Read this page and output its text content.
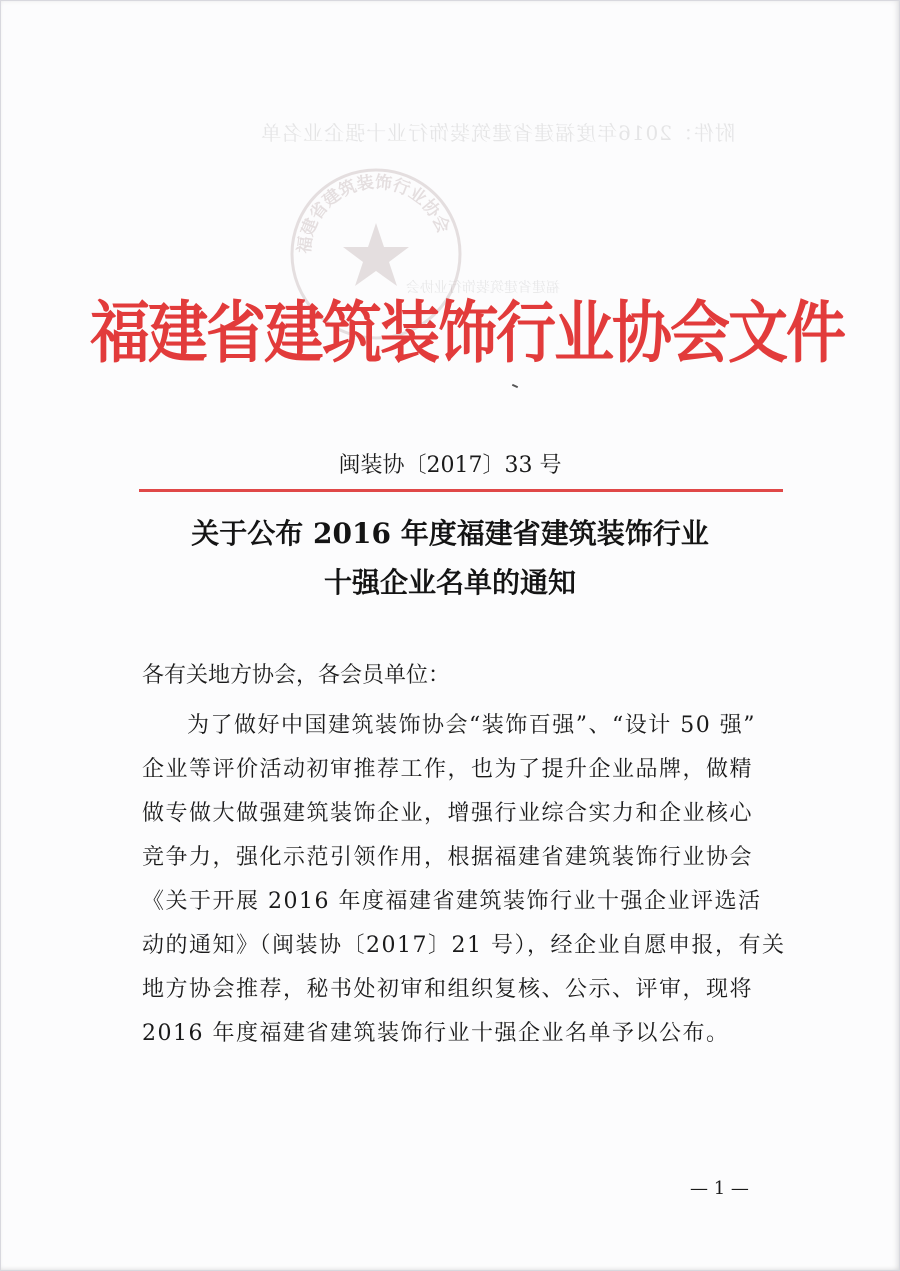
附件：2016年度福建省建筑装饰行业十强企业名单
福建省建筑装饰行业协会
福建省建筑装饰行业协会
福建省建筑装饰行业协会文件
闽装协〔2017〕33 号
关于公布 2016 年度福建省建筑装饰行业
十强企业名单的通知
各有关地方协会，各会员单位：
为了做好中国建筑装饰协会“装饰百强”、“设计 50 强”
企业等评价活动初审推荐工作，也为了提升企业品牌，做精
做专做大做强建筑装饰企业，增强行业综合实力和企业核心
竞争力，强化示范引领作用，根据福建省建筑装饰行业协会
《关于开展 2016 年度福建省建筑装饰行业十强企业评选活
动的通知》（闽装协〔2017〕21 号），经企业自愿申报，有关
地方协会推荐，秘书处初审和组织复核、公示、评审，现将
2016 年度福建省建筑装饰行业十强企业名单予以公布。
— 1 —
